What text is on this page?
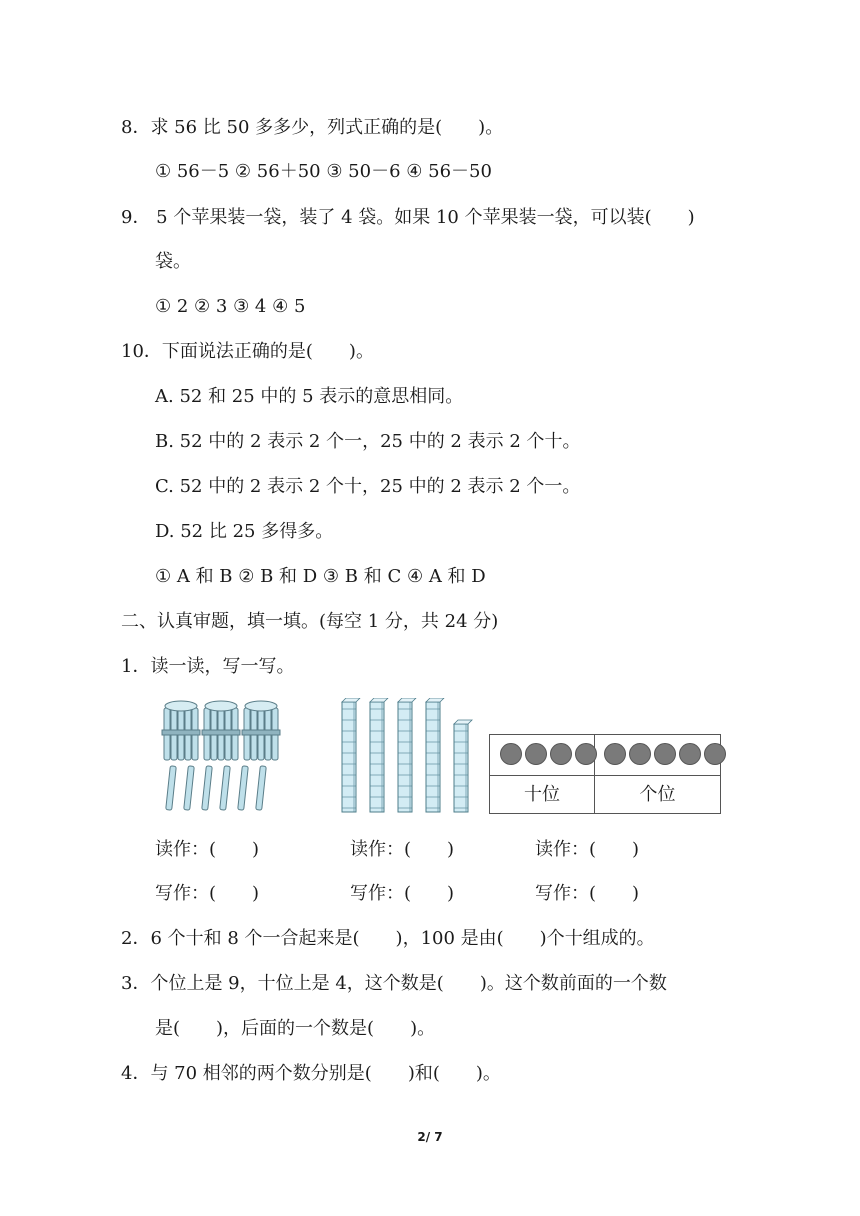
8．求 56 比 50 多多少，列式正确的是(　　)。
① 56－5 ② 56＋50 ③ 50－6 ④ 56－50
9． 5 个苹果装一袋，装了 4 袋。如果 10 个苹果装一袋，可以装(　　)
袋。
① 2 ② 3 ③ 4 ④ 5
10．下面说法正确的是(　　)。
A. 52 和 25 中的 5 表示的意思相同。
B. 52 中的 2 表示 2 个一，25 中的 2 表示 2 个十。
C. 52 中的 2 表示 2 个十，25 中的 2 表示 2 个一。
D. 52 比 25 多得多。
① A 和 B ② B 和 D ③ B 和 C ④ A 和 D
二、认真审题，填一填。(每空 1 分，共 24 分)
1．读一读，写一写。
十位	个位
读作：(　　)	读作：(　　)	读作：(　　)
写作：(　　)	写作：(　　)	写作：(　　)
2．6 个十和 8 个一合起来是(　　)，100 是由(　　)个十组成的。
3．个位上是 9，十位上是 4，这个数是(　　)。这个数前面的一个数
是(　　)，后面的一个数是(　　)。
4．与 70 相邻的两个数分别是(　　)和(　　)。
2/ 7
